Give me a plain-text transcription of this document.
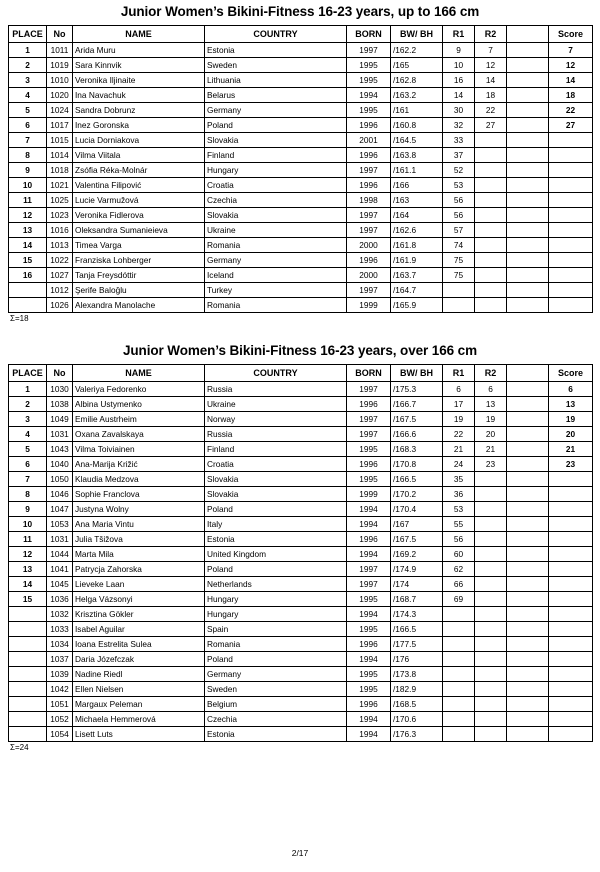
Junior Women’s Bikini-Fitness 16-23 years, up to 166 cm
PLACE	No	NAME	COUNTRY	BORN	BW/ BH	R1	R2		Score
1	1011	Arida Muru	Estonia	1997	/162.2	9	7		7
2	1019	Sara Kinnvik	Sweden	1995	/165	10	12		12
3	1010	Veronika Iljinaite	Lithuania	1995	/162.8	16	14		14
4	1020	Ina Navachuk	Belarus	1994	/163.2	14	18		18
5	1024	Sandra Dobrunz	Germany	1995	/161	30	22		22
6	1017	Inez Goronska	Poland	1996	/160.8	32	27		27
7	1015	Lucia Dorniakova	Slovakia	2001	/164.5	33			
8	1014	Vilma Viitala	Finland	1996	/163.8	37			
9	1018	Zsófia Réka-Molnár	Hungary	1997	/161.1	52			
10	1021	Valentina Filipović	Croatia	1996	/166	53			
11	1025	Lucie Varmužová	Czechia	1998	/163	56			
12	1023	Veronika Fidlerova	Slovakia	1997	/164	56			
13	1016	Oleksandra Sumanieieva	Ukraine	1997	/162.6	57			
14	1013	Timea Varga	Romania	2000	/161.8	74			
15	1022	Franziska Lohberger	Germany	1996	/161.9	75			
16	1027	Tanja Freysdóttir	Iceland	2000	/163.7	75			
	1012	Şerife Baloğlu	Turkey	1997	/164.7				
	1026	Alexandra Manolache	Romania	1999	/165.9				
Σ=18
Junior Women’s Bikini-Fitness 16-23 years, over 166 cm
PLACE	No	NAME	COUNTRY	BORN	BW/ BH	R1	R2		Score
1	1030	Valeriya Fedorenko	Russia	1997	/175.3	6	6		6
2	1038	Albina Ustymenko	Ukraine	1996	/166.7	17	13		13
3	1049	Emilie Austrheim	Norway	1997	/167.5	19	19		19
4	1031	Oxana Zavalskaya	Russia	1997	/166.6	22	20		20
5	1043	Vilma Toiviainen	Finland	1995	/168.3	21	21		21
6	1040	Ana-Marija Križić	Croatia	1996	/170.8	24	23		23
7	1050	Klaudia Medzova	Slovakia	1995	/166.5	35			
8	1046	Sophie Franclova	Slovakia	1999	/170.2	36			
9	1047	Justyna Wolny	Poland	1994	/170.4	53			
10	1053	Ana Maria Vintu	Italy	1994	/167	55			
11	1031	Julia Tšižova	Estonia	1996	/167.5	56			
12	1044	Marta Mila	United Kingdom	1994	/169.2	60			
13	1041	Patrycja Zahorska	Poland	1997	/174.9	62			
14	1045	Lieveke Laan	Netherlands	1997	/174	66			
15	1036	Helga Vázsonyi	Hungary	1995	/168.7	69			
	1032	Krisztina Gökler	Hungary	1994	/174.3				
	1033	Isabel Aguilar	Spain	1995	/166.5				
	1034	Ioana Estrelita Sulea	Romania	1996	/177.5				
	1037	Daria Józefczak	Poland	1994	/176				
	1039	Nadine Riedl	Germany	1995	/173.8				
	1042	Ellen Nielsen	Sweden	1995	/182.9				
	1051	Margaux Peleman	Belgium	1996	/168.5				
	1052	Michaela Hemmerová	Czechia	1994	/170.6				
	1054	Lisett Luts	Estonia	1994	/176.3				
Σ=24
2/17
